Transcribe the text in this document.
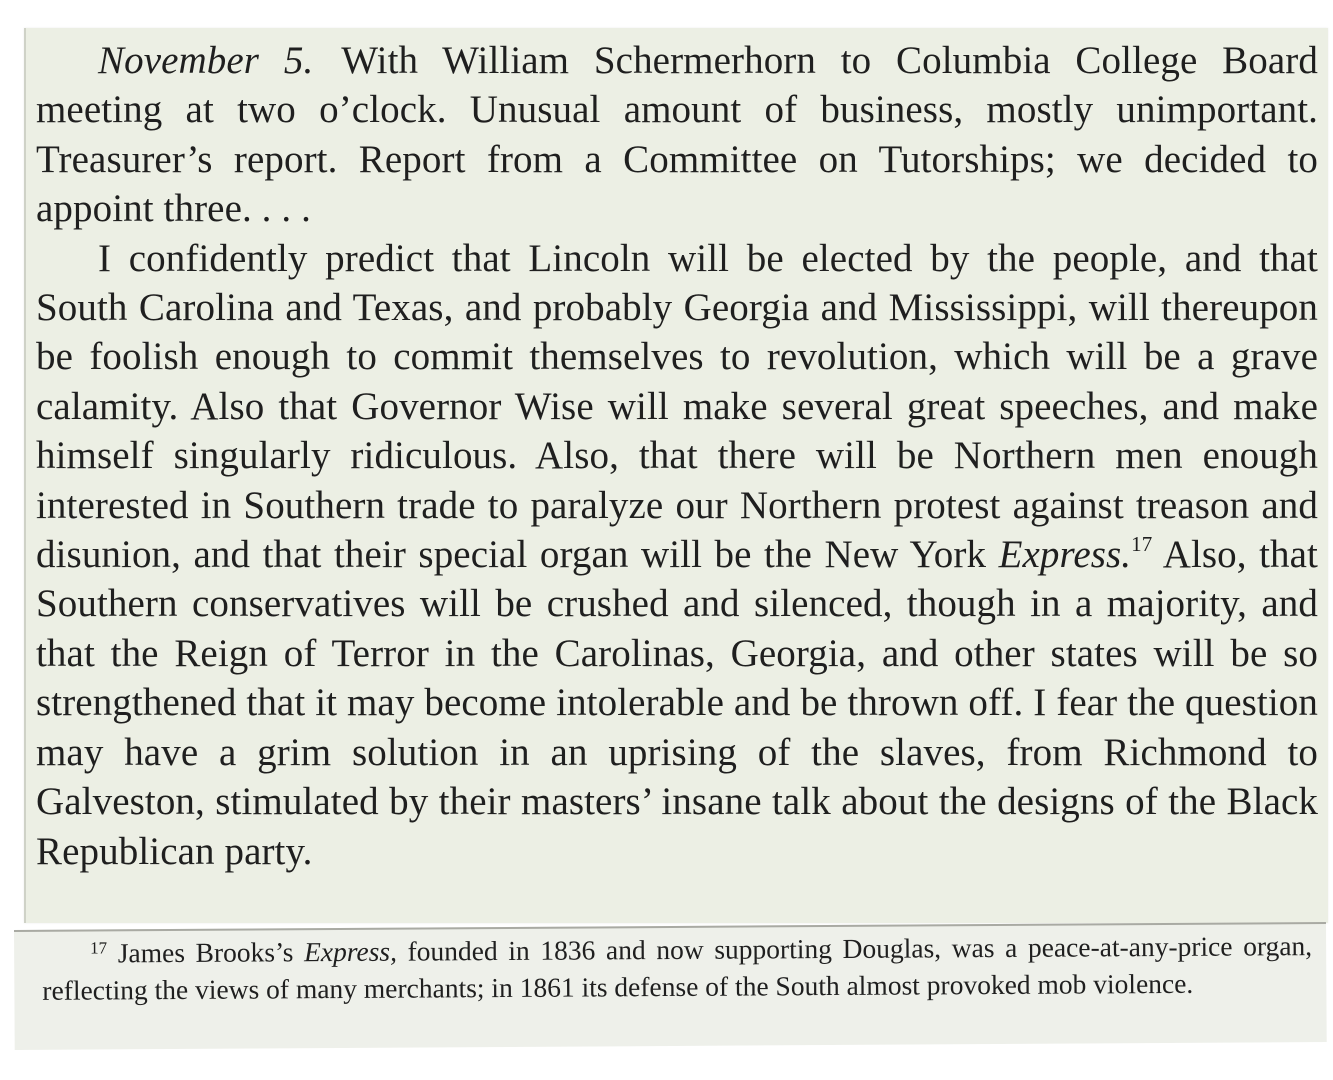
November 5. With William Schermerhorn to Columbia College Board meeting at two o’clock. Unusual amount of business, mostly unimportant. Treasurer’s report. Report from a Committee on Tutorships; we decided to appoint three. . . .

I confidently predict that Lincoln will be elected by the people, and that South Carolina and Texas, and probably Georgia and Mississippi, will thereupon be foolish enough to commit themselves to revolution, which will be a grave calamity. Also that Governor Wise will make several great speeches, and make himself singularly ridiculous. Also, that there will be Northern men enough interested in Southern trade to paralyze our Northern protest against treason and disunion, and that their special organ will be the New York Express.$^{17}$ Also, that Southern conservatives will be crushed and silenced, though in a majority, and that the Reign of Terror in the Carolinas, Georgia, and other states will be so strengthened that it may become intolerable and be thrown off. I fear the question may have a grim solution in an uprising of the slaves, from Richmond to Galveston, stimulated by their masters’ insane talk about the designs of the Black Republican party.

$^{17}$ James Brooks’s Express, founded in 1836 and now supporting Douglas, was a peace-at-any-price organ, reflecting the views of many merchants; in 1861 its defense of the South almost provoked mob violence.
